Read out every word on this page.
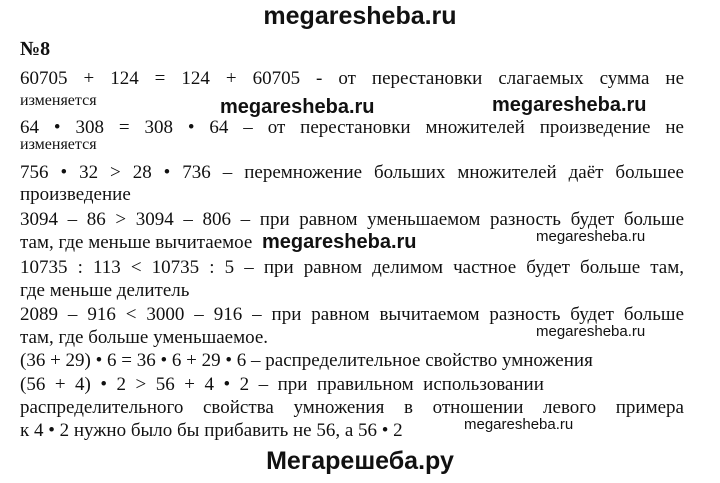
megaresheba.ru
№8
60705 + 124 = 124 + 60705 - от перестановки слагаемых сумма не
изменяется
64 • 308 = 308 • 64 – от перестановки множителей произведение не
изменяется
756 • 32 > 28 • 736 – перемножение больших множителей даёт большее
произведение
3094 – 86 > 3094 – 806 – при равном уменьшаемом разность будет больше
там, где меньше вычитаемое
10735 : 113 < 10735 : 5 – при равном делимом частное будет больше там,
где меньше делитель
2089 – 916 < 3000 – 916 – при равном вычитаемом разность будет больше
там, где больше уменьшаемое.
(36 + 29) • 6 = 36 • 6 + 29 • 6 – распределительное свойство умножения
(56  +  4)  •  2  >  56  +  4  •  2  –  при  правильном  использовании
распределительного свойства умножения в отношении левого примера
к 4 • 2 нужно было бы прибавить не 56, а 56 • 2
megaresheba.ru	megaresheba.ru
megaresheba.ru	megaresheba.ru
megaresheba.ru
megaresheba.ru
Мегарешеба.ру
